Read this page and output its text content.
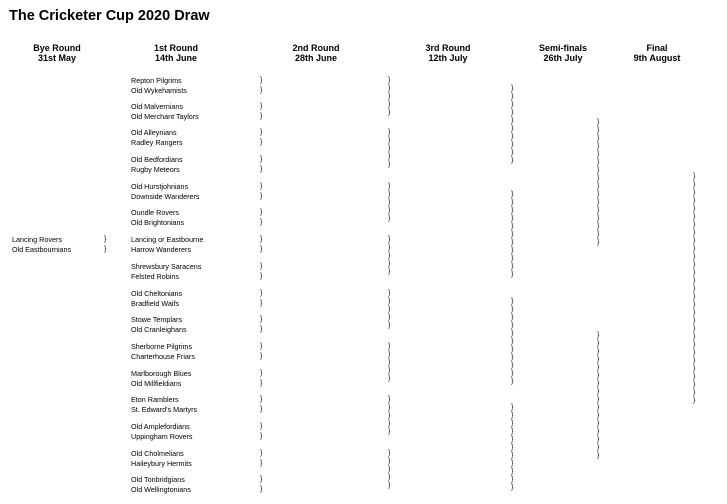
The Cricketer Cup 2020 Draw
Bye Round
31st May
1st Round
14th June
2nd Round
28th June
3rd Round
12th July
Semi-finals
26th July
Final
9th August
Lancing Rovers
Old Eastbournians
Repton Pilgrims
Old Wykehamists
Old Malvernians
Old Merchant Taylors
Old Alleynians
Radley Rangers
Old Bedfordians
Rugby Meteors
Old Hurstjohnians
Downside Wanderers
Oundle Rovers
Old Brightonians
Lancing or Eastbourne
Harrow Wanderers
Shrewsbury Saracens
Felsted Robins
Old Cheltonians
Bradfield Waifs
Stowe Templars
Old Cranleighans
Sherborne Pilgrims
Charterhouse Friars
Marlborough Blues
Old Millfieldians
Eton Ramblers
St. Edward's Martyrs
Old Amplefordians
Uppingham Rovers
Old Cholmelians
Haileybury Hermits
Old Tonbridgians
Old Wellingtonians
}
}
}
}
}
}
}
}
}
}
}
}
}
}
}
}
}
}
}
}
}
}
}
}
}
}
}
}
}
}
}
}
}
}
}
}
}
}
}
}
}
}
}
}
}
}
}
}
}
}
}
}
}
}
}
}
}
}
}
}
}
}
}
}
}
}
}
}
}
}
}
}
}
}
}
}
}
}
}
}
}
}
}
}
}
}
}
}
}
}
}
}
}
}
}
}
}
}
}
}
}
}
}
}
}
}
}
}
}
}
}
}
}
}
}
}
}
}
}
}
}
}
}
}
}
}
}
}
}
}
}
}
}
}
}
}
}
}
}
}
}
}
}
}
}
}
}
}
}
}
}
}
}
}
}
}
}
}
}
}
}
}
}
}
}
}
}
}
}
}
}
}
}
}
}
}
}
}
